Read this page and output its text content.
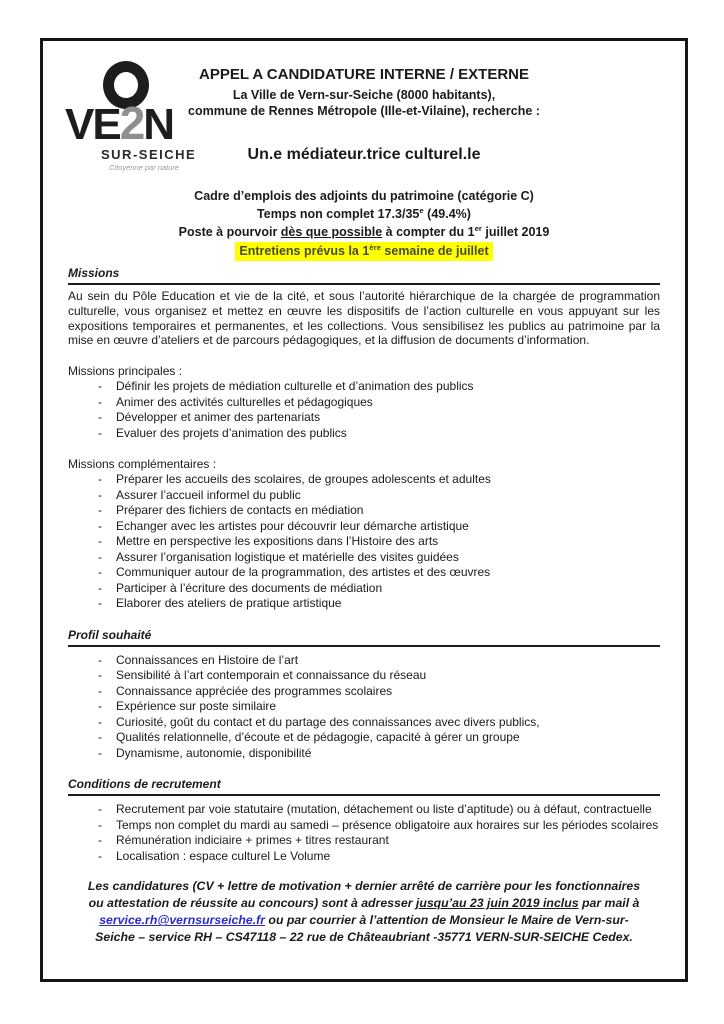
VE2N
SUR-SEICHE
Citoyenne par nature
APPEL A CANDIDATURE INTERNE / EXTERNE
La Ville de Vern-sur-Seiche (8000 habitants),
commune de Rennes Métropole (Ille-et-Vilaine), recherche :
Un.e médiateur.trice culturel.le
Cadre d’emplois des adjoints du patrimoine (catégorie C)
Temps non complet 17.3/35e (49.4%)
Poste à pourvoir dès que possible à compter du 1er juillet 2019
Entretiens prévus la 1ère semaine de juillet
Missions

Au sein du Pôle Education et vie de la cité, et sous l’autorité hiérarchique de la chargée de programmation culturelle, vous organisez et mettez en œuvre les dispositifs de l’action culturelle en vous appuyant sur les expositions temporaires et permanentes, et les collections. Vous sensibilisez les publics au patrimoine par la mise en œuvre d’ateliers et de parcours pédagogiques, et la diffusion de documents d’information.

Missions principales :
-	Définir les projets de médiation culturelle et d’animation des publics
-	Animer des activités culturelles et pédagogiques
-	Développer et animer des partenariats
-	Evaluer des projets d’animation des publics
Missions complémentaires :
-	Préparer les accueils des scolaires, de groupes adolescents et adultes
-	Assurer l’accueil informel du public
-	Préparer des fichiers de contacts en médiation
-	Echanger avec les artistes pour découvrir leur démarche artistique
-	Mettre en perspective les expositions dans l’Histoire des arts
-	Assurer l’organisation logistique et matérielle des visites guidées
-	Communiquer autour de la programmation, des artistes et des œuvres
-	Participer à l’écriture des documents de médiation
-	Elaborer des ateliers de pratique artistique
Profil souhaité
-	Connaissances en Histoire de l’art
-	Sensibilité à l’art contemporain et connaissance du réseau
-	Connaissance appréciée des programmes scolaires
-	Expérience sur poste similaire
-	Curiosité, goût du contact et du partage des connaissances avec divers publics,
-	Qualités relationnelle, d’écoute et de pédagogie, capacité à gérer un groupe
-	Dynamisme, autonomie, disponibilité
Conditions de recrutement
-	Recrutement par voie statutaire (mutation, détachement ou liste d’aptitude) ou à défaut, contractuelle
-	Temps non complet du mardi au samedi – présence obligatoire aux horaires sur les périodes scolaires
-	Rémunération indiciaire + primes + titres restaurant
-	Localisation : espace culturel Le Volume
Les candidatures (CV + lettre de motivation + dernier arrêté de carrière pour les fonctionnaires ou attestation de réussite au concours) sont à adresser jusqu’au 23 juin 2019 inclus par mail à service.rh@vernsurseiche.fr ou par courrier à l’attention de Monsieur le Maire de Vern-sur-Seiche – service RH – CS47118 – 22 rue de Châteaubriant -35771 VERN-SUR-SEICHE Cedex.
